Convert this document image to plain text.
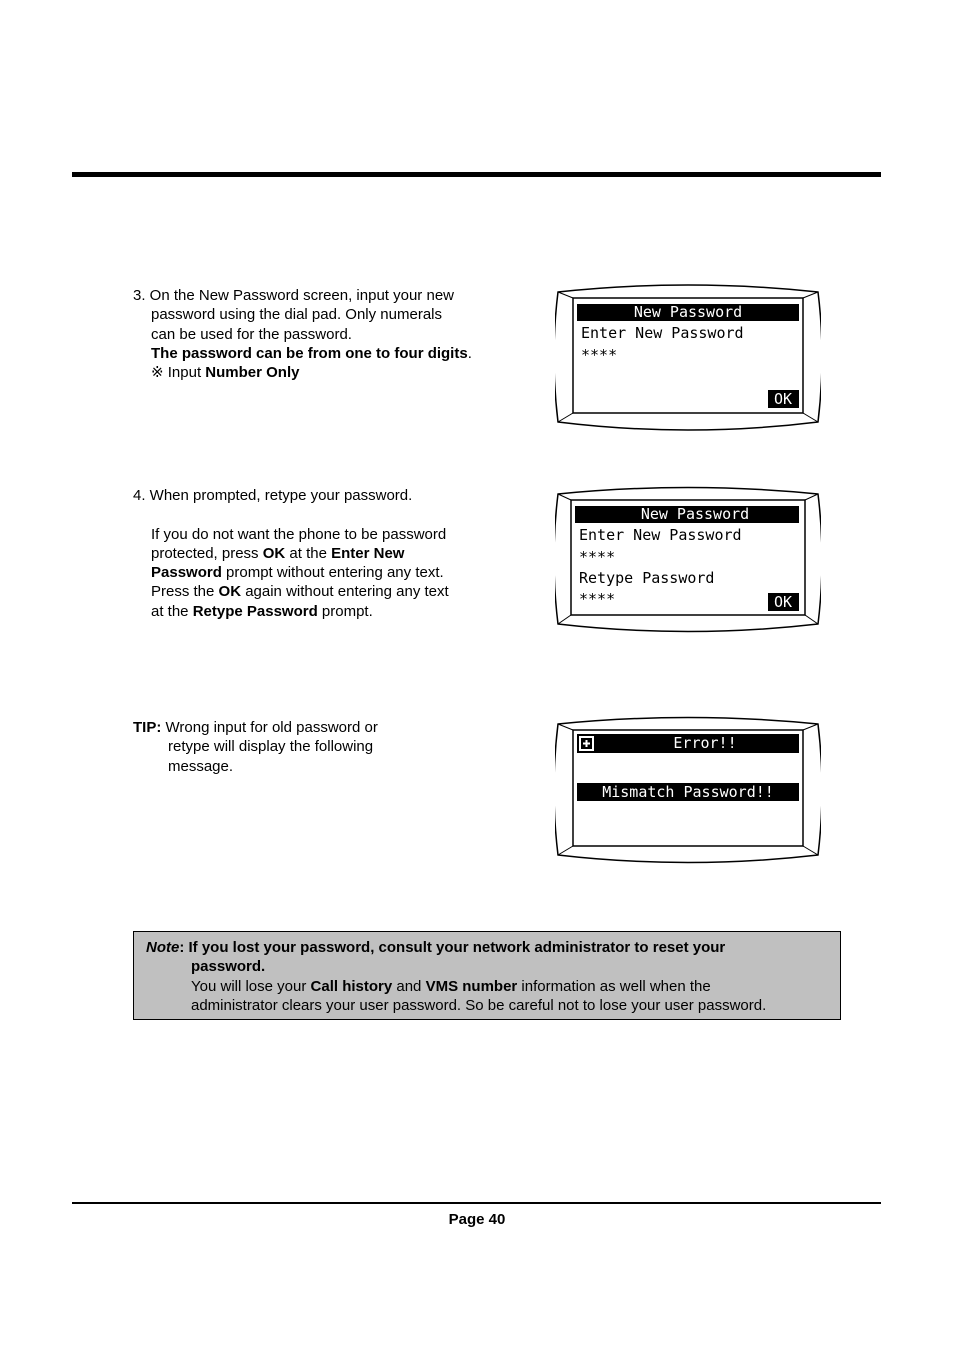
3. On the New Password screen, input your new
password using the dial pad. Only numerals
can be used for the password.
The password can be from one to four digits.
※ Input Number Only
New Password
Enter New Password
****
OK
4. When prompted, retype your password.

If you do not want the phone to be password
protected, press OK at the Enter New
Password prompt without entering any text.
Press the OK again without entering any text
at the Retype Password prompt.
New Password
Enter New Password
****
Retype Password
****	OK
TIP: Wrong input for old password or
retype will display the following
message.
Error!!
Mismatch Password!!
Note: If you lost your password, consult your network administrator to reset your
password.
You will lose your Call history and VMS number information as well when the
administrator clears your user password. So be careful not to lose your user password.
Page 40
